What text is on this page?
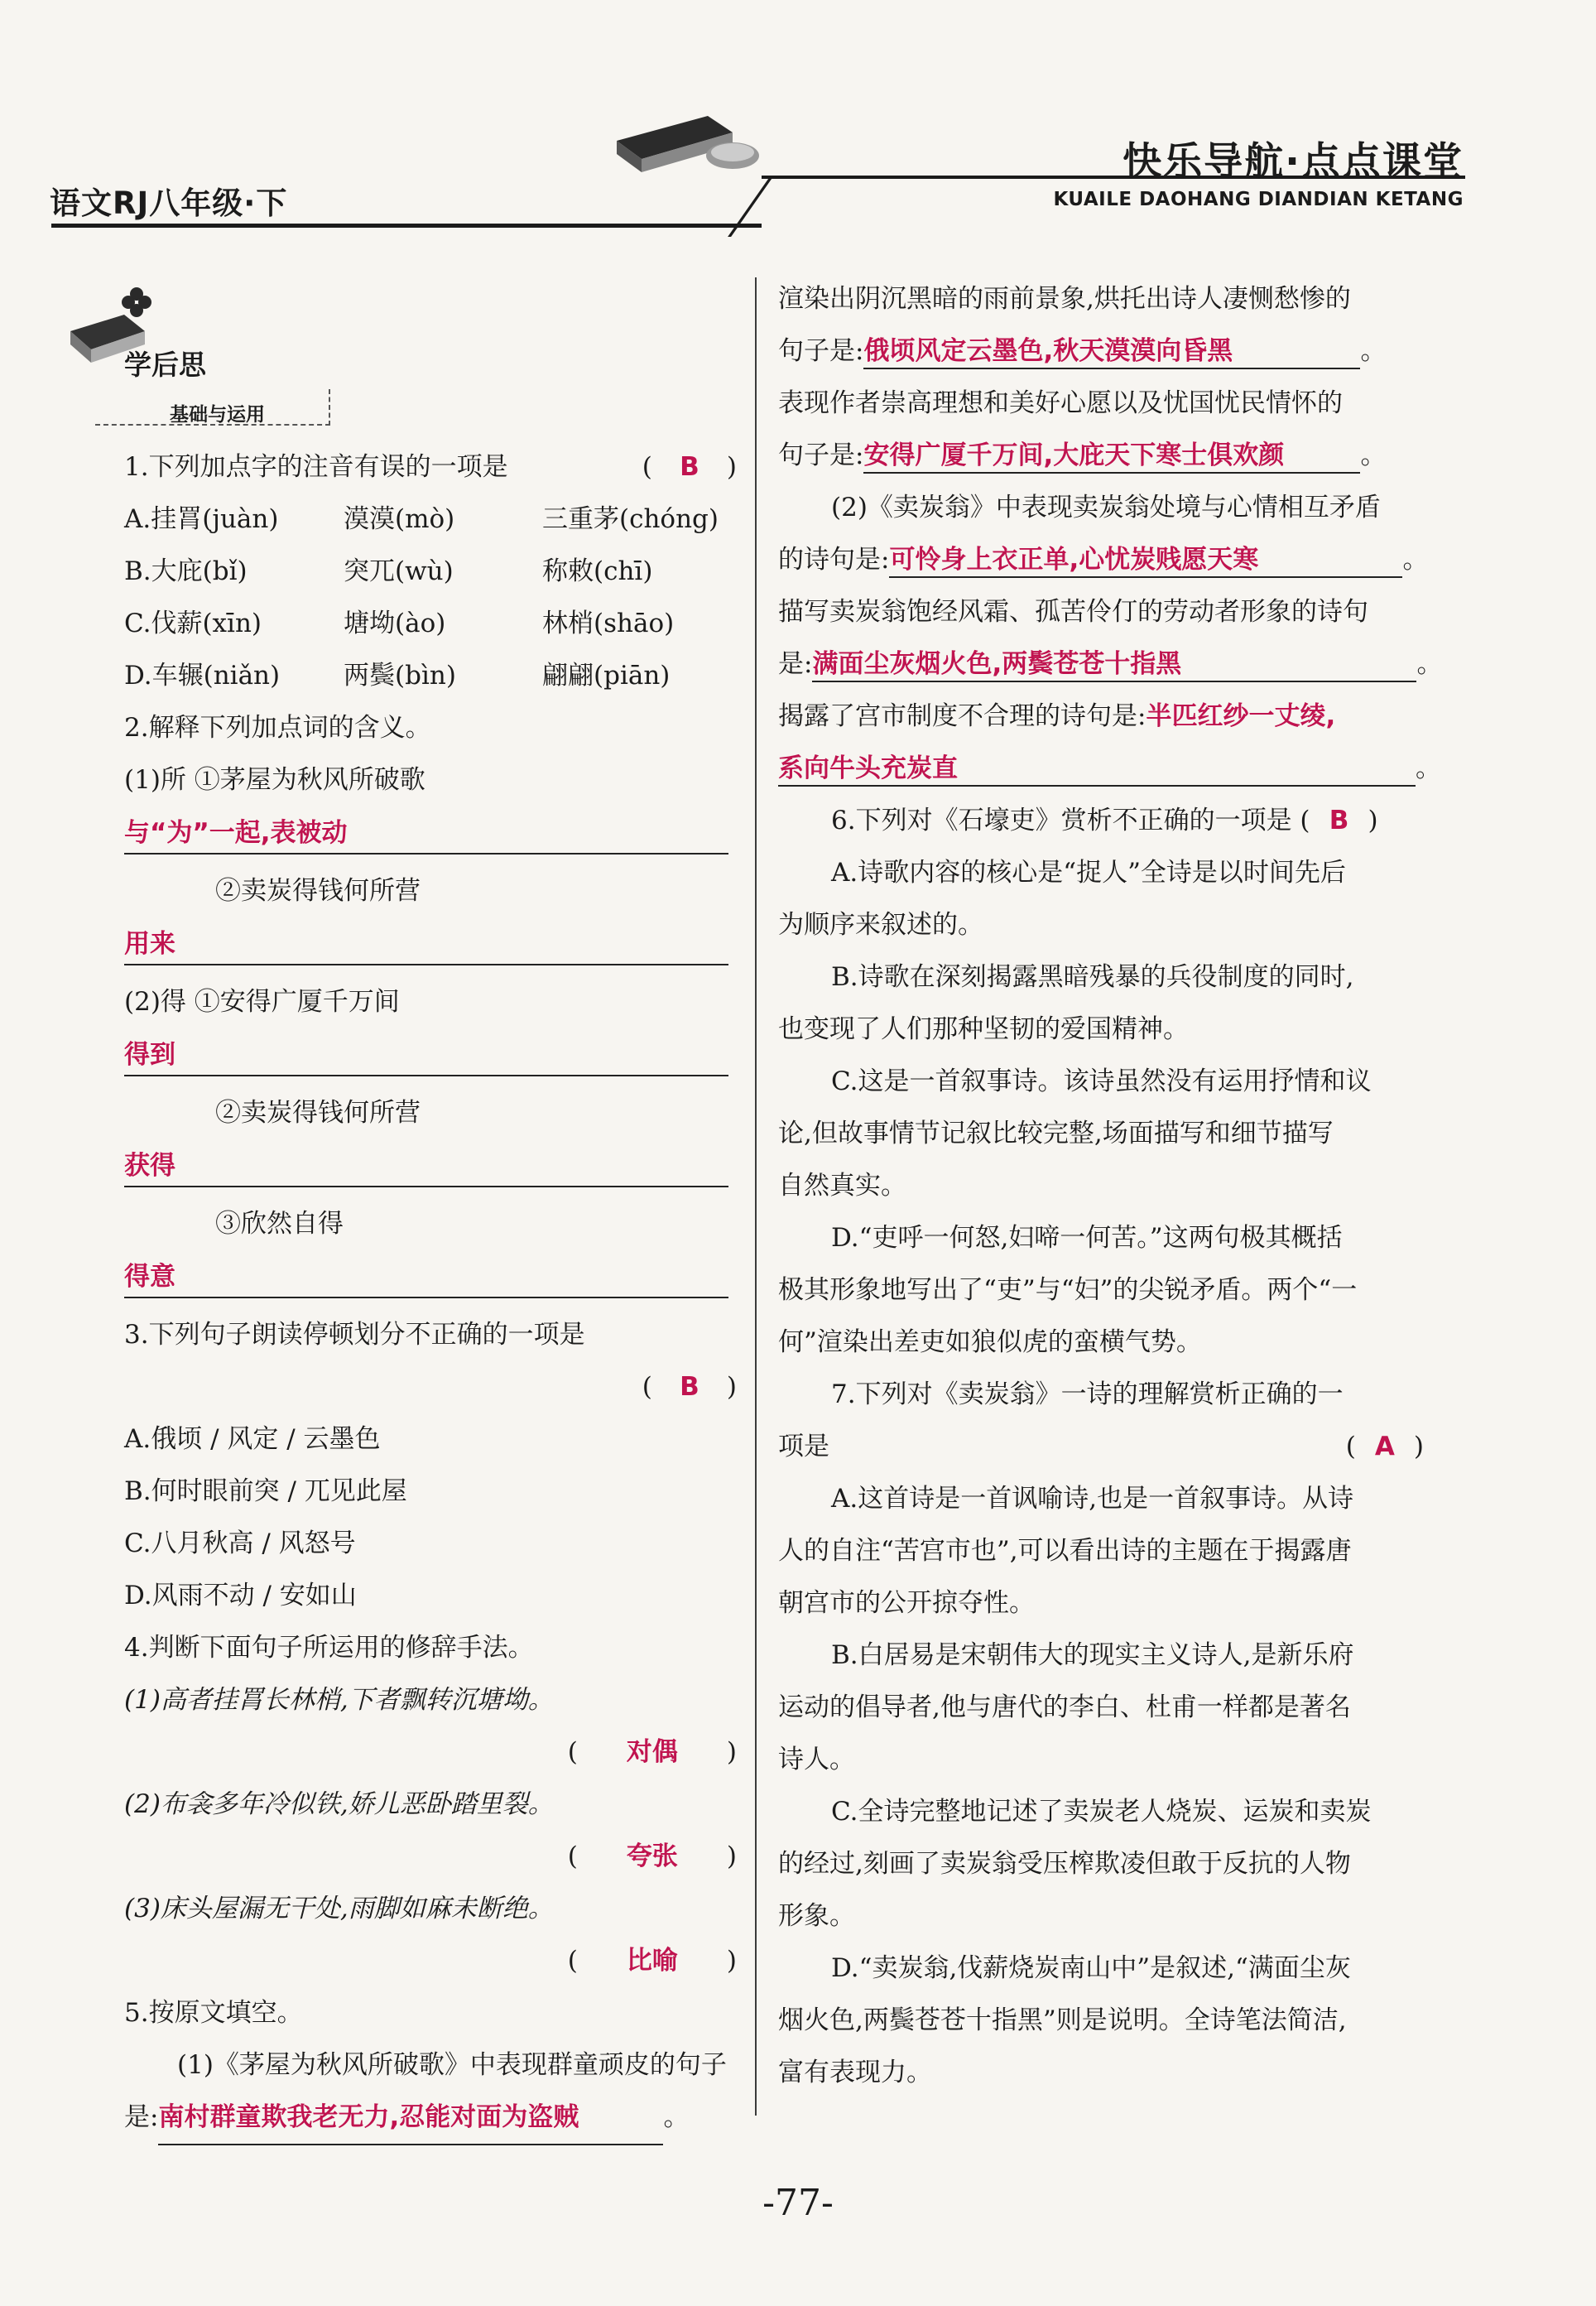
语文RJ八年级·下
快乐导航·点点课堂
KUAILE DAOHANG DIANDIAN KETANG
学后思
基础与运用
1.下列加点字的注音有误的一项是	( B )
A.挂罥(juàn)	漠漠(mò)	三重茅(chóng)
B.大庇(bǐ)	突兀(wù)	称敕(chī)
C.伐薪(xīn)	塘坳(ào)	林梢(shāo)
D.车辗(niǎn) 两鬓(bìn)	翩翩(piān)
2.解释下列加点词的含义。
(1)所 ①茅屋为秋风所破歌
与“为”一起,表被动
②卖炭得钱何所营
用来
(2)得 ①安得广厦千万间
得到
②卖炭得钱何所营
获得
③欣然自得
得意
3.下列句子朗读停顿划分不正确的一项是
( B )
A.俄顷 / 风定 / 云墨色
B.何时眼前突 / 兀见此屋
C.八月秋高 / 风怒号
D.风雨不动 / 安如山
4.判断下面句子所运用的修辞手法。
(1)高者挂罥长林梢,下者飘转沉塘坳。
( 对偶 )
(2)布衾多年冷似铁,娇儿恶卧踏里裂。
( 夸张 )
(3)床头屋漏无干处,雨脚如麻未断绝。
( 比喻 )
5.按原文填空。
(1)《茅屋为秋风所破歌》中表现群童顽皮的句子
是:南村群童欺我老无力,忍能对面为盗贼	。
渲染出阴沉黑暗的雨前景象,烘托出诗人凄恻愁惨的
句子是:俄顷风定云墨色,秋天漠漠向昏黑	。
表现作者崇高理想和美好心愿以及忧国忧民情怀的
句子是:安得广厦千万间,大庇天下寒士俱欢颜	。
(2)《卖炭翁》中表现卖炭翁处境与心情相互矛盾
的诗句是:可怜身上衣正单,心忧炭贱愿天寒	。
描写卖炭翁饱经风霜、孤苦伶仃的劳动者形象的诗句
是:满面尘灰烟火色,两鬓苍苍十指黑	。
揭露了宫市制度不合理的诗句是:半匹红纱一丈绫,
系向牛头充炭直	。
6.下列对《石壕吏》赏析不正确的一项是 ( B )
A.诗歌内容的核心是“捉人”全诗是以时间先后
为顺序来叙述的。
B.诗歌在深刻揭露黑暗残暴的兵役制度的同时,
也变现了人们那种坚韧的爱国精神。
C.这是一首叙事诗。该诗虽然没有运用抒情和议
论,但故事情节记叙比较完整,场面描写和细节描写
自然真实。
D.“吏呼一何怒,妇啼一何苦。”这两句极其概括
极其形象地写出了“吏”与“妇”的尖锐矛盾。两个“一
何”渲染出差吏如狼似虎的蛮横气势。
7.下列对《卖炭翁》一诗的理解赏析正确的一
项是	( A )
A.这首诗是一首讽喻诗,也是一首叙事诗。从诗
人的自注“苦宫市也”,可以看出诗的主题在于揭露唐
朝宫市的公开掠夺性。
B.白居易是宋朝伟大的现实主义诗人,是新乐府
运动的倡导者,他与唐代的李白、杜甫一样都是著名
诗人。
C.全诗完整地记述了卖炭老人烧炭、运炭和卖炭
的经过,刻画了卖炭翁受压榨欺凌但敢于反抗的人物
形象。
D.“卖炭翁,伐薪烧炭南山中”是叙述,“满面尘灰
烟火色,两鬓苍苍十指黑”则是说明。全诗笔法简洁,
富有表现力。
-77-
